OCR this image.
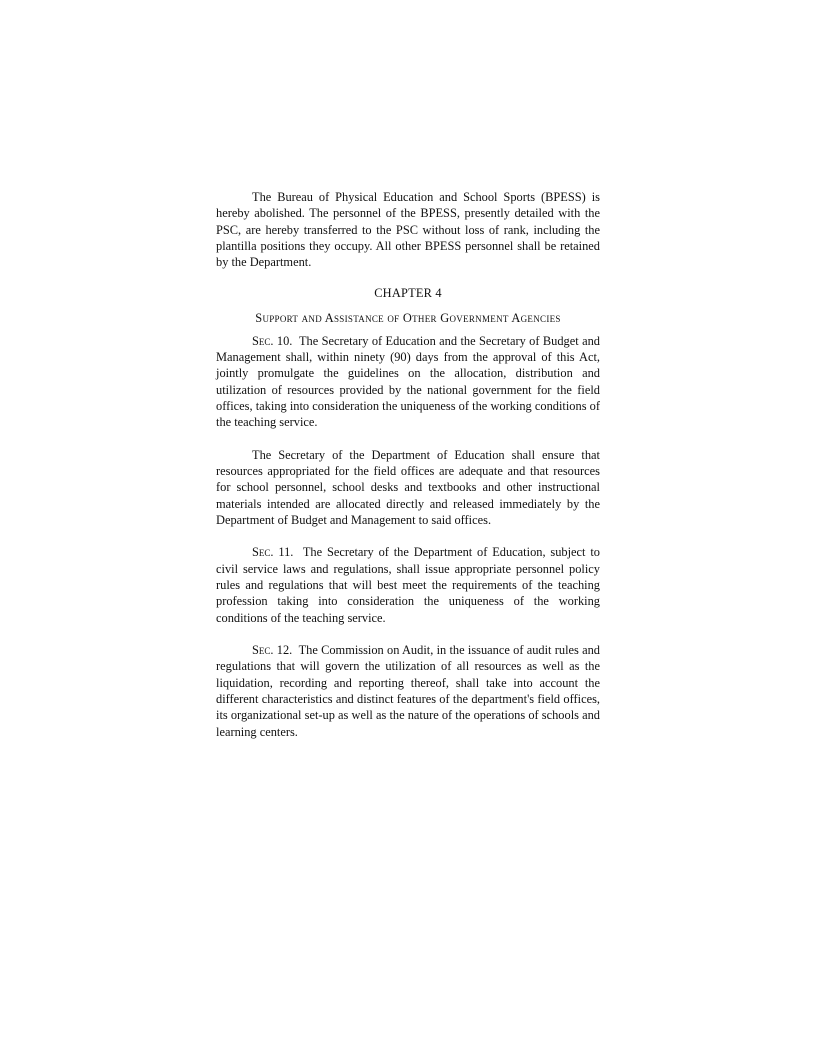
The Bureau of Physical Education and School Sports (BPESS) is hereby abolished. The personnel of the BPESS, presently detailed with the PSC, are hereby transferred to the PSC without loss of rank, including the plantilla positions they occupy. All other BPESS personnel shall be retained by the Department.

CHAPTER 4
Support and Assistance of Other Government Agencies

Sec. 10. The Secretary of Education and the Secretary of Budget and Management shall, within ninety (90) days from the approval of this Act, jointly promulgate the guidelines on the allocation, distribution and utilization of resources provided by the national government for the field offices, taking into consideration the uniqueness of the working conditions of the teaching service.

The Secretary of the Department of Education shall ensure that resources appropriated for the field offices are adequate and that resources for school personnel, school desks and textbooks and other instructional materials intended are allocated directly and released immediately by the Department of Budget and Management to said offices.

Sec. 11. The Secretary of the Department of Education, subject to civil service laws and regulations, shall issue appropriate personnel policy rules and regulations that will best meet the requirements of the teaching profession taking into consideration the uniqueness of the working conditions of the teaching service.

Sec. 12. The Commission on Audit, in the issuance of audit rules and regulations that will govern the utilization of all resources as well as the liquidation, recording and reporting thereof, shall take into account the different characteristics and distinct features of the department's field offices, its organizational set-up as well as the nature of the operations of schools and learning centers.
